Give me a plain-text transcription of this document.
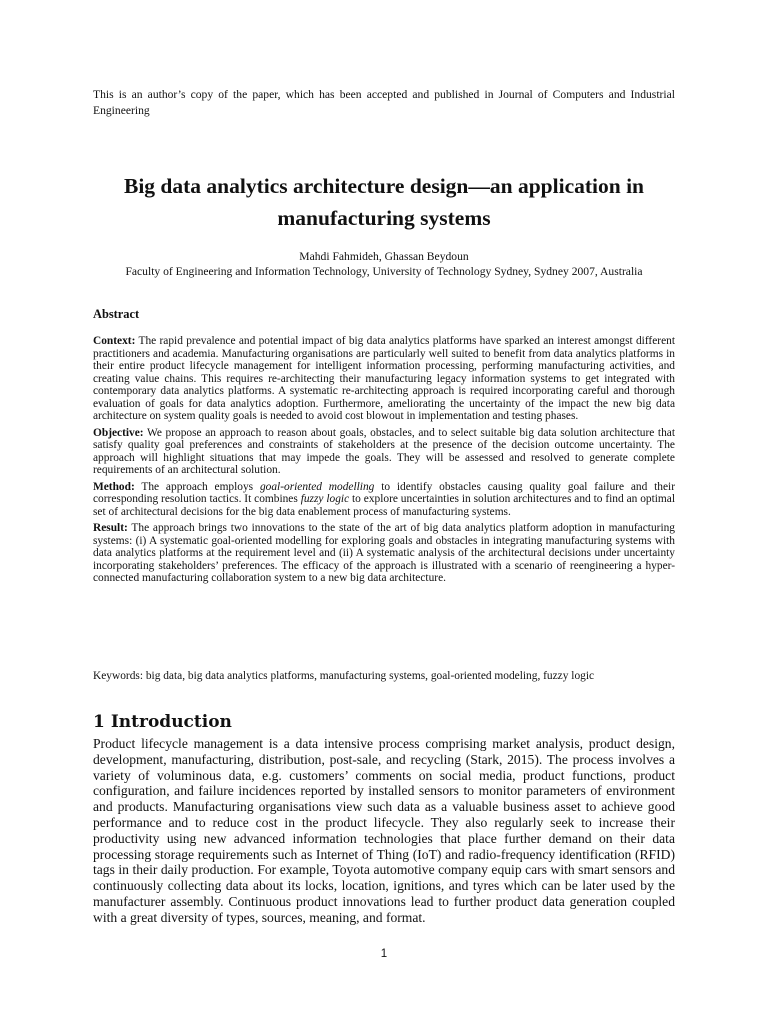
This is an author’s copy of the paper, which has been accepted and published in Journal of Computers and Industrial Engineering
Big data analytics architecture design—an application in manufacturing systems
Mahdi Fahmideh, Ghassan Beydoun
Faculty of Engineering and Information Technology, University of Technology Sydney, Sydney 2007, Australia
Abstract

Context: The rapid prevalence and potential impact of big data analytics platforms have sparked an interest amongst different practitioners and academia. Manufacturing organisations are particularly well suited to benefit from data analytics platforms in their entire product lifecycle management for intelligent information processing, performing manufacturing activities, and creating value chains. This requires re-architecting their manufacturing legacy information systems to get integrated with contemporary data analytics platforms. A systematic re-architecting approach is required incorporating careful and thorough evaluation of goals for data analytics adoption. Furthermore, ameliorating the uncertainty of the impact the new big data architecture on system quality goals is needed to avoid cost blowout in implementation and testing phases.

Objective: We propose an approach to reason about goals, obstacles, and to select suitable big data solution architecture that satisfy quality goal preferences and constraints of stakeholders at the presence of the decision outcome uncertainty. The approach will highlight situations that may impede the goals. They will be assessed and resolved to generate complete requirements of an architectural solution.

Method: The approach employs goal-oriented modelling to identify obstacles causing quality goal failure and their corresponding resolution tactics. It combines fuzzy logic to explore uncertainties in solution architectures and to find an optimal set of architectural decisions for the big data enablement process of manufacturing systems.

Result: The approach brings two innovations to the state of the art of big data analytics platform adoption in manufacturing systems: (i) A systematic goal-oriented modelling for exploring goals and obstacles in integrating manufacturing systems with data analytics platforms at the requirement level and (ii) A systematic analysis of the architectural decisions under uncertainty incorporating stakeholders’ preferences. The efficacy of the approach is illustrated with a scenario of reengineering a hyper-connected manufacturing collaboration system to a new big data architecture.

Keywords: big data, big data analytics platforms, manufacturing systems, goal-oriented modeling, fuzzy logic
1 Introduction
Product lifecycle management is a data intensive process comprising market analysis, product design, development, manufacturing, distribution, post-sale, and recycling (Stark, 2015). The process involves a variety of voluminous data, e.g. customers’ comments on social media, product functions, product configuration, and failure incidences reported by installed sensors to monitor parameters of environment and products. Manufacturing organisations view such data as a valuable business asset to achieve good performance and to reduce cost in the product lifecycle. They also regularly seek to increase their productivity using new advanced information technologies that place further demand on their data processing storage requirements such as Internet of Thing (IoT) and radio-frequency identification (RFID) tags in their daily production. For example, Toyota automotive company equip cars with smart sensors and continuously collecting data about its locks, location, ignitions, and tyres which can be later used by the manufacturer assembly. Continuous product innovations lead to further product data generation coupled with a great diversity of types, sources, meaning, and format.
1
